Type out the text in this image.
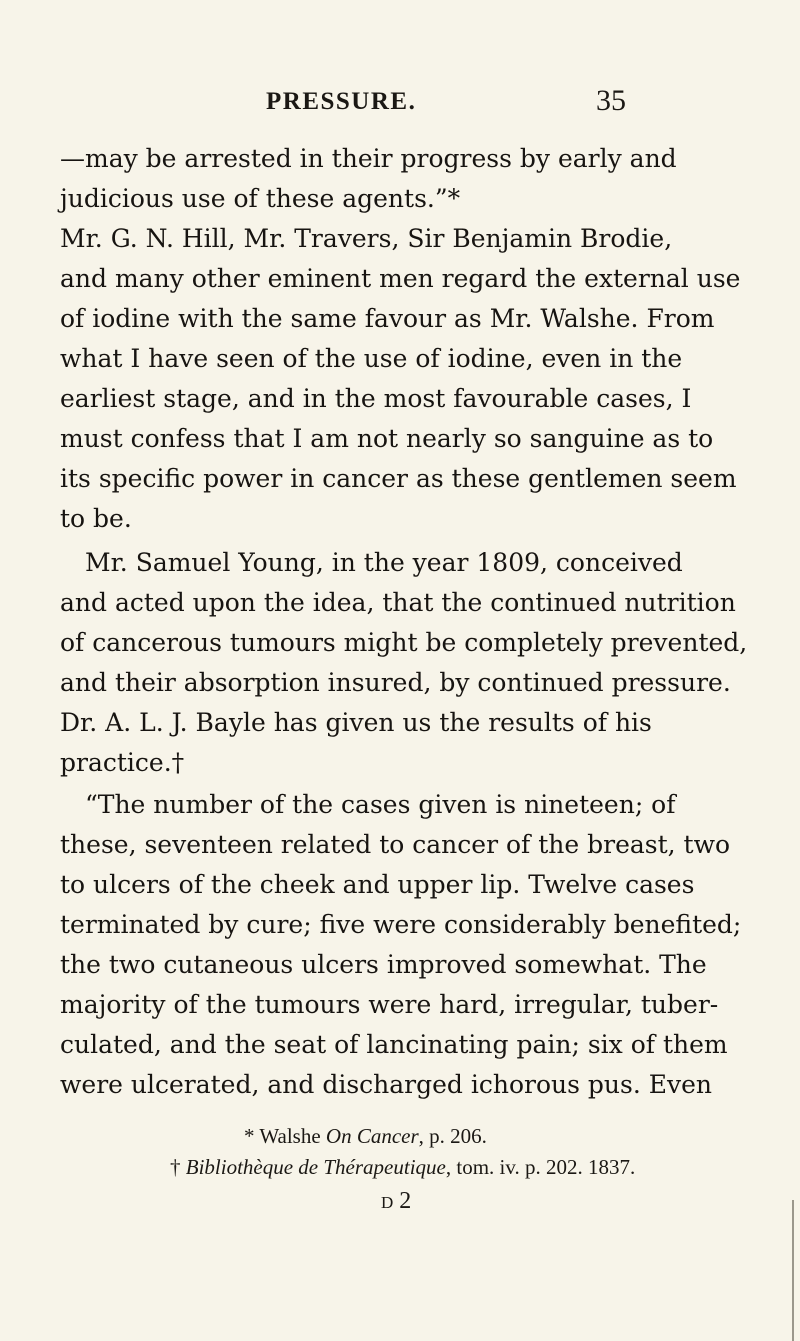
PRESSURE.	35
—may be arrested in their progress by early and
judicious use of these agents.”*
Mr. G. N. Hill, Mr. Travers, Sir Benjamin Brodie,
and many other eminent men regard the external use
of iodine with the same favour as Mr. Walshe. From
what I have seen of the use of iodine, even in the
earliest stage, and in the most favourable cases, I
must confess that I am not nearly so sanguine as to
its specific power in cancer as these gentlemen seem
to be.
Mr. Samuel Young, in the year 1809, conceived
and acted upon the idea, that the continued nutrition
of cancerous tumours might be completely prevented,
and their absorption insured, by continued pressure.
Dr. A. L. J. Bayle has given us the results of his
practice.†
“The number of the cases given is nineteen; of
these, seventeen related to cancer of the breast, two
to ulcers of the cheek and upper lip. Twelve cases
terminated by cure; five were considerably benefited;
the two cutaneous ulcers improved somewhat. The
majority of the tumours were hard, irregular, tuber-
culated, and the seat of lancinating pain; six of them
were ulcerated, and discharged ichorous pus. Even
* Walshe On Cancer, p. 206.
† Bibliothèque de Thérapeutique, tom. iv. p. 202. 1837.
D 2
